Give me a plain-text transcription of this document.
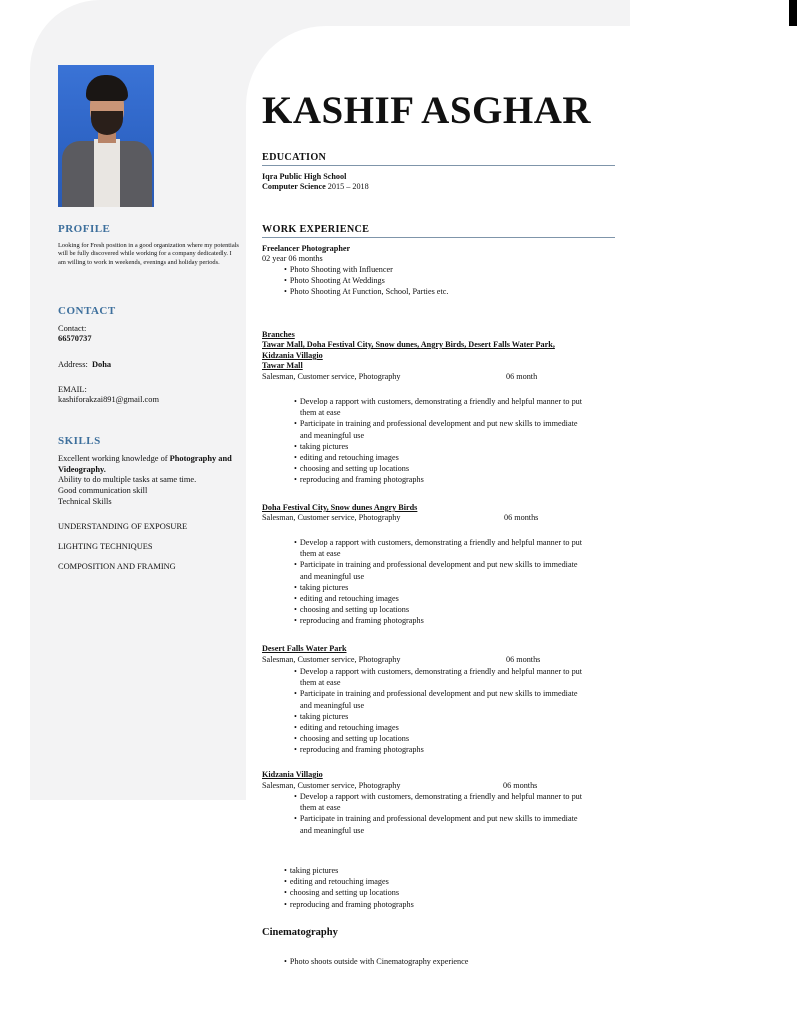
PROFILE
Looking for Fresh position in a good organization where my potentials will be fully discovered while working for a company dedicatedly. I am willing to work in weekends, evenings and holiday periods.
CONTACT
Contact:
66570737
Address: Doha
EMAIL:
kashiforakzai891@gmail.com
SKILLS
Excellent working knowledge of Photography and Videography.
Ability to do multiple tasks at same time.
Good communication skill
Technical Skills
UNDERSTANDING OF EXPOSURE
LIGHTING TECHNIQUES
COMPOSITION AND FRAMING
KASHIF ASGHAR
EDUCATION
Iqra Public High School
Computer Science 2015 – 2018
WORK EXPERIENCE
Freelancer Photographer
02 year 06 months
• Photo Shooting with Influencer
• Photo Shooting At Weddings
• Photo Shooting At Function, School, Parties etc.
Branches
Tawar Mall, Doha Festival City, Snow dunes, Angry Birds, Desert Falls Water Park,
Kidzania Villagio
Tawar Mall
Salesman, Customer service, Photography	06 month
• Develop a rapport with customers, demonstrating a friendly and helpful manner to put
them at ease
• Participate in training and professional development and put new skills to immediate
and meaningful use
• taking pictures
• editing and retouching images
• choosing and setting up locations
• reproducing and framing photographs
Doha Festival City, Snow dunes Angry Birds
Salesman, Customer service, Photography	06 months
• Develop a rapport with customers, demonstrating a friendly and helpful manner to put
them at ease
• Participate in training and professional development and put new skills to immediate
and meaningful use
• taking pictures
• editing and retouching images
• choosing and setting up locations
• reproducing and framing photographs
Desert Falls Water Park
Salesman, Customer service, Photography	06 months
• Develop a rapport with customers, demonstrating a friendly and helpful manner to put
them at ease
• Participate in training and professional development and put new skills to immediate
and meaningful use
• taking pictures
• editing and retouching images
• choosing and setting up locations
• reproducing and framing photographs
Kidzania Villagio
Salesman, Customer service, Photography	06 months
• Develop a rapport with customers, demonstrating a friendly and helpful manner to put
them at ease
• Participate in training and professional development and put new skills to immediate
and meaningful use
• taking pictures
• editing and retouching images
• choosing and setting up locations
• reproducing and framing photographs
Cinematography
• Photo shoots outside with Cinematography experience
